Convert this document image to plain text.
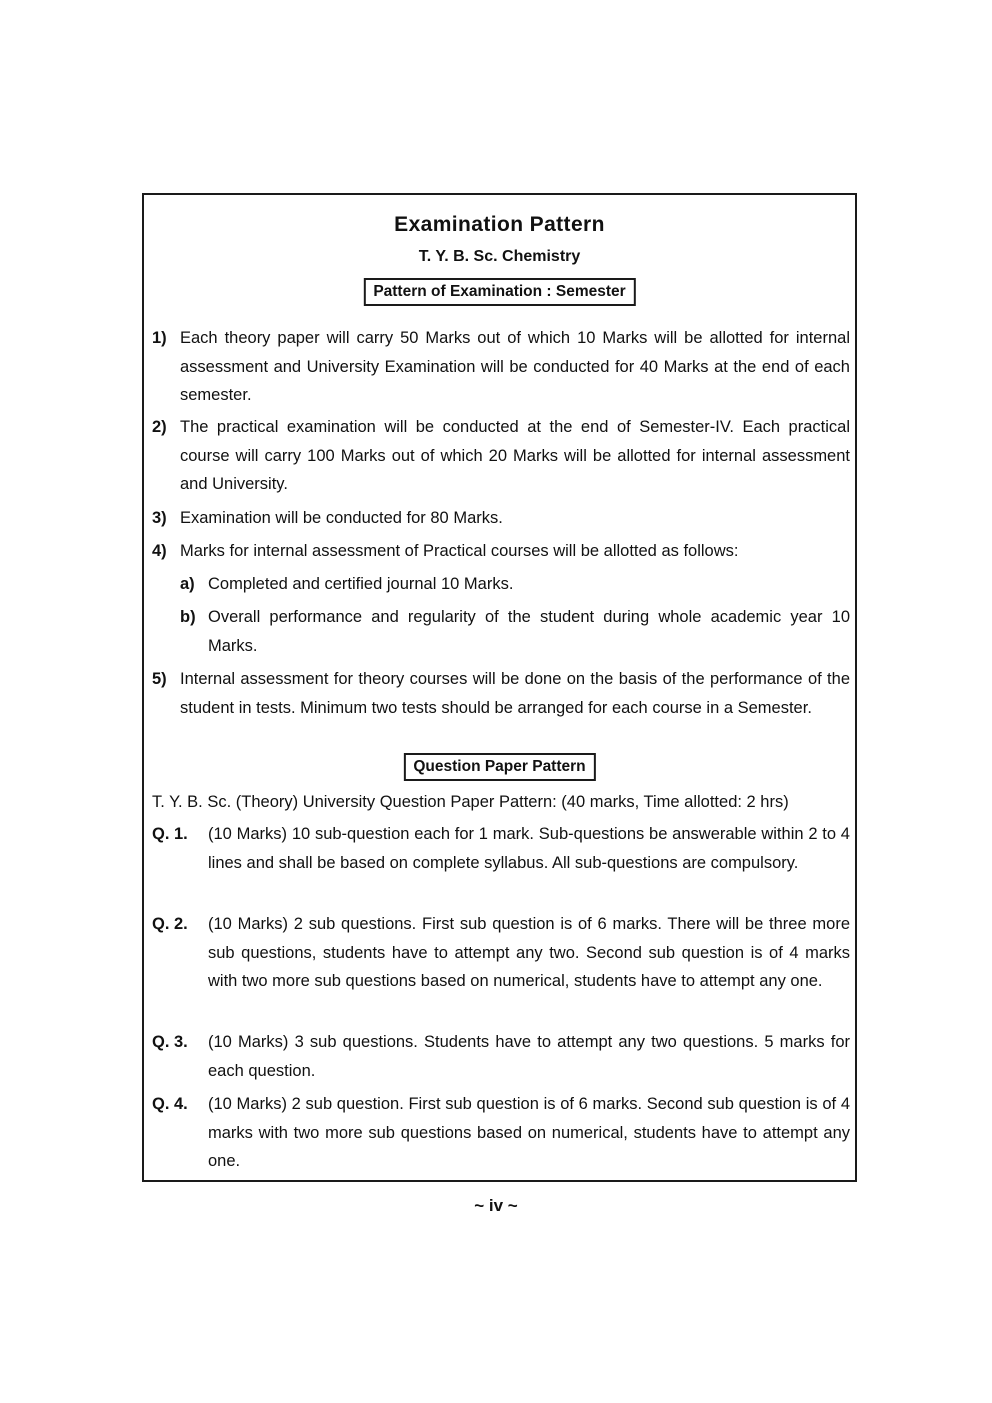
Examination Pattern
T. Y. B. Sc. Chemistry
Pattern of Examination : Semester
1) Each theory paper will carry 50 Marks out of which 10 Marks will be allotted for internal assessment and University Examination will be conducted for 40 Marks at the end of each semester.
2) The practical examination will be conducted at the end of Semester-IV. Each practical course will carry 100 Marks out of which 20 Marks will be allotted for internal assessment and University.
3) Examination will be conducted for 80 Marks.
4) Marks for internal assessment of Practical courses will be allotted as follows:
a) Completed and certified journal 10 Marks.
b) Overall performance and regularity of the student during whole academic year 10 Marks.
5) Internal assessment for theory courses will be done on the basis of the performance of the student in tests. Minimum two tests should be arranged for each course in a Semester.
Question Paper Pattern
T. Y. B. Sc. (Theory) University Question Paper Pattern: (40 marks, Time allotted: 2 hrs)
Q. 1. (10 Marks) 10 sub-question each for 1 mark. Sub-questions be answerable within 2 to 4 lines and shall be based on complete syllabus. All sub-questions are compulsory.
Q. 2. (10 Marks) 2 sub questions. First sub question is of 6 marks. There will be three more sub questions, students have to attempt any two. Second sub question is of 4 marks with two more sub questions based on numerical, students have to attempt any one.
Q. 3. (10 Marks) 3 sub questions. Students have to attempt any two questions. 5 marks for each question.
Q. 4. (10 Marks) 2 sub question. First sub question is of 6 marks. Second sub question is of 4 marks with two more sub questions based on numerical, students have to attempt any one.
~ iv ~
